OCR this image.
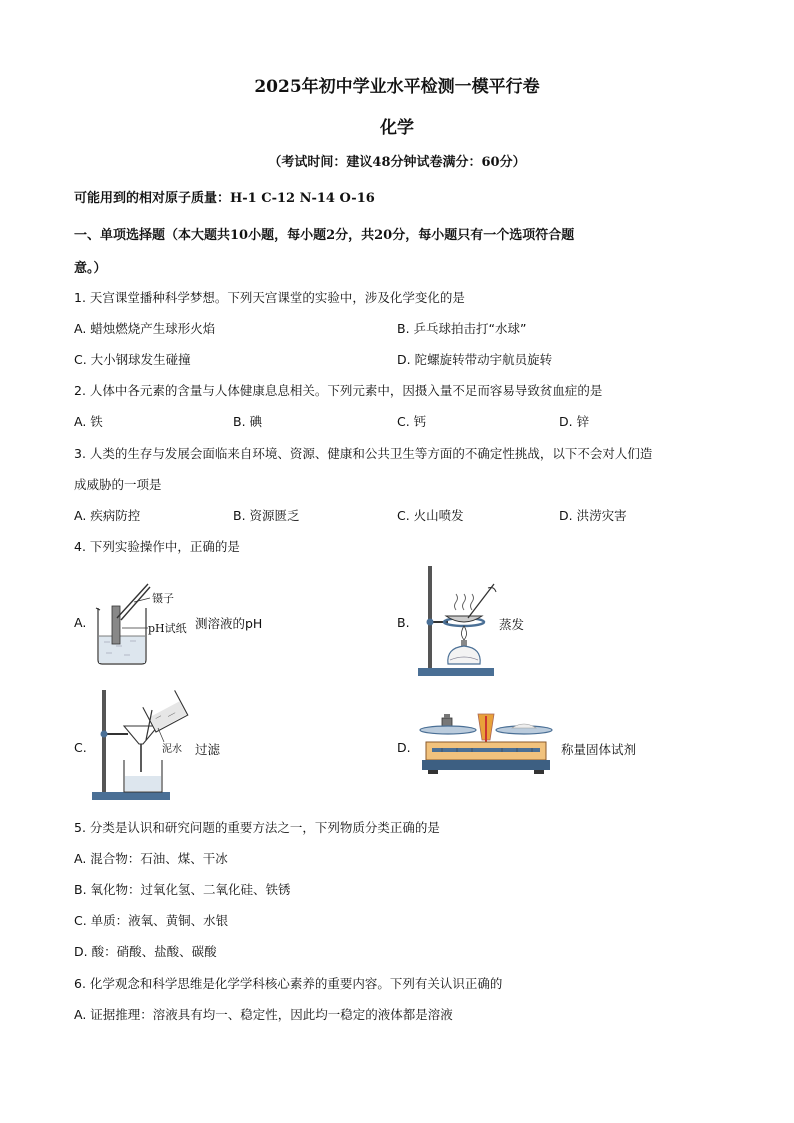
2025年初中学业水平检测一模平行卷
化学
（考试时间：建议48分钟试卷满分：60分）
可能用到的相对原子质量：H-1 C-12 N-14 O-16
一、单项选择题（本大题共10小题，每小题2分，共20分，每小题只有一个选项符合题
意。）
1. 天宫课堂播种科学梦想。下列天宫课堂的实验中，涉及化学变化的是
A. 蜡烛燃烧产生球形火焰	B. 乒乓球拍击打“水球”
C. 大小钢球发生碰撞	D. 陀螺旋转带动宇航员旋转
2. 人体中各元素的含量与人体健康息息相关。下列元素中，因摄入量不足而容易导致贫血症的是
A. 铁	B. 碘	C. 钙	D. 锌
3. 人类的生存与发展会面临来自环境、资源、健康和公共卫生等方面的不确定性挑战，以下不会对人们造
成威胁的一项是
A. 疾病防控	B. 资源匮乏	C. 火山喷发	D. 洪涝灾害
4. 下列实验操作中，正确的是
A.
镊子
pH试纸 测溶液的pH	B.	蒸发
C.	泥水 过滤	D.	称量固体试剂
5. 分类是认识和研究问题的重要方法之一，下列物质分类正确的是
A. 混合物：石油、煤、干冰
B. 氧化物：过氧化氢、二氧化硅、铁锈
C. 单质：液氧、黄铜、水银
D. 酸：硝酸、盐酸、碳酸
6. 化学观念和科学思维是化学学科核心素养的重要内容。下列有关认识正确的
A. 证据推理：溶液具有均一、稳定性，因此均一稳定的液体都是溶液
